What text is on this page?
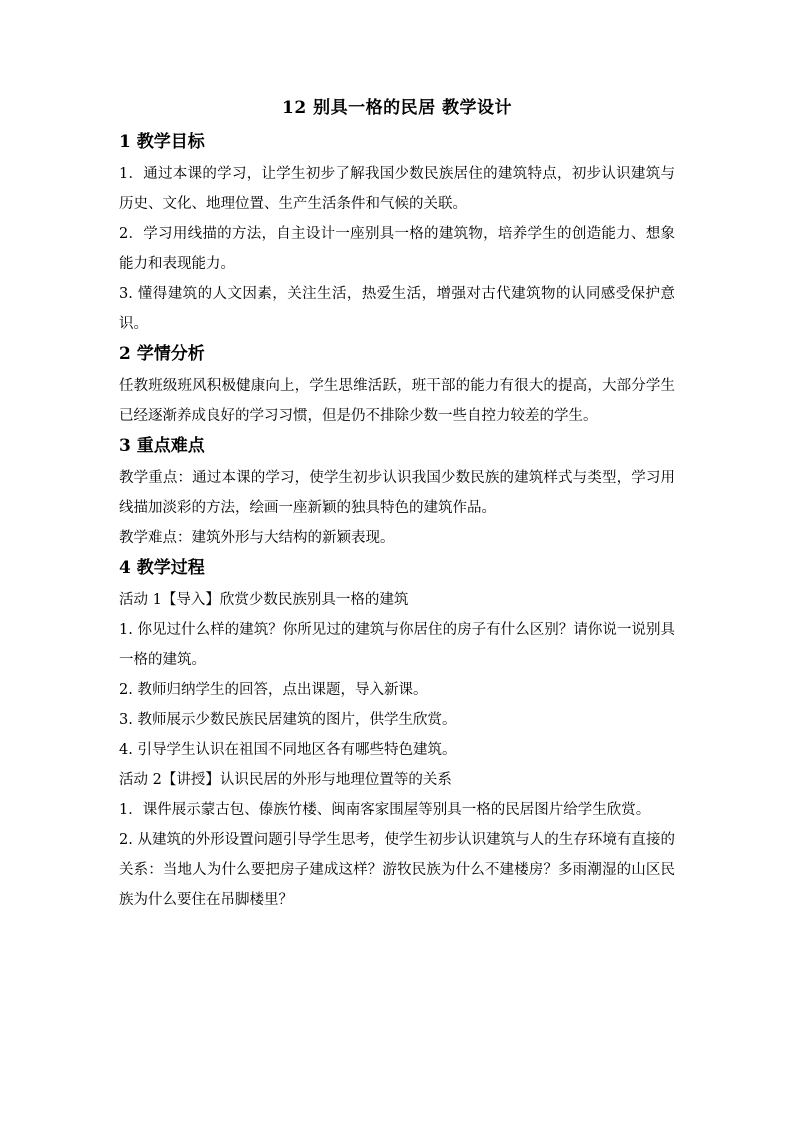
12 别具一格的民居 教学设计
1 教学目标

1．通过本课的学习，让学生初步了解我国少数民族居住的建筑特点，初步认识建筑与历史、文化、地理位置、生产生活条件和气候的关联。

2．学习用线描的方法，自主设计一座别具一格的建筑物，培养学生的创造能力、想象能力和表现能力。

3. 懂得建筑的人文因素，关注生活，热爱生活，增强对古代建筑物的认同感受保护意识。

2 学情分析

任教班级班风积极健康向上，学生思维活跃，班干部的能力有很大的提高，大部分学生已经逐渐养成良好的学习习惯，但是仍不排除少数一些自控力较差的学生。

3 重点难点

教学重点：通过本课的学习，使学生初步认识我国少数民族的建筑样式与类型，学习用线描加淡彩的方法，绘画一座新颖的独具特色的建筑作品。

教学难点：建筑外形与大结构的新颖表现。

4 教学过程

活动 1【导入】欣赏少数民族别具一格的建筑

1. 你见过什么样的建筑？你所见过的建筑与你居住的房子有什么区别？请你说一说别具一格的建筑。

2. 教师归纳学生的回答，点出课题，导入新课。

3. 教师展示少数民族民居建筑的图片，供学生欣赏。

4. 引导学生认识在祖国不同地区各有哪些特色建筑。

活动 2【讲授】认识民居的外形与地理位置等的关系

1．课件展示蒙古包、傣族竹楼、闽南客家围屋等别具一格的民居图片给学生欣赏。

2. 从建筑的外形设置问题引导学生思考，使学生初步认识建筑与人的生存环境有直接的关系：当地人为什么要把房子建成这样？游牧民族为什么不建楼房？多雨潮湿的山区民族为什么要住在吊脚楼里？
